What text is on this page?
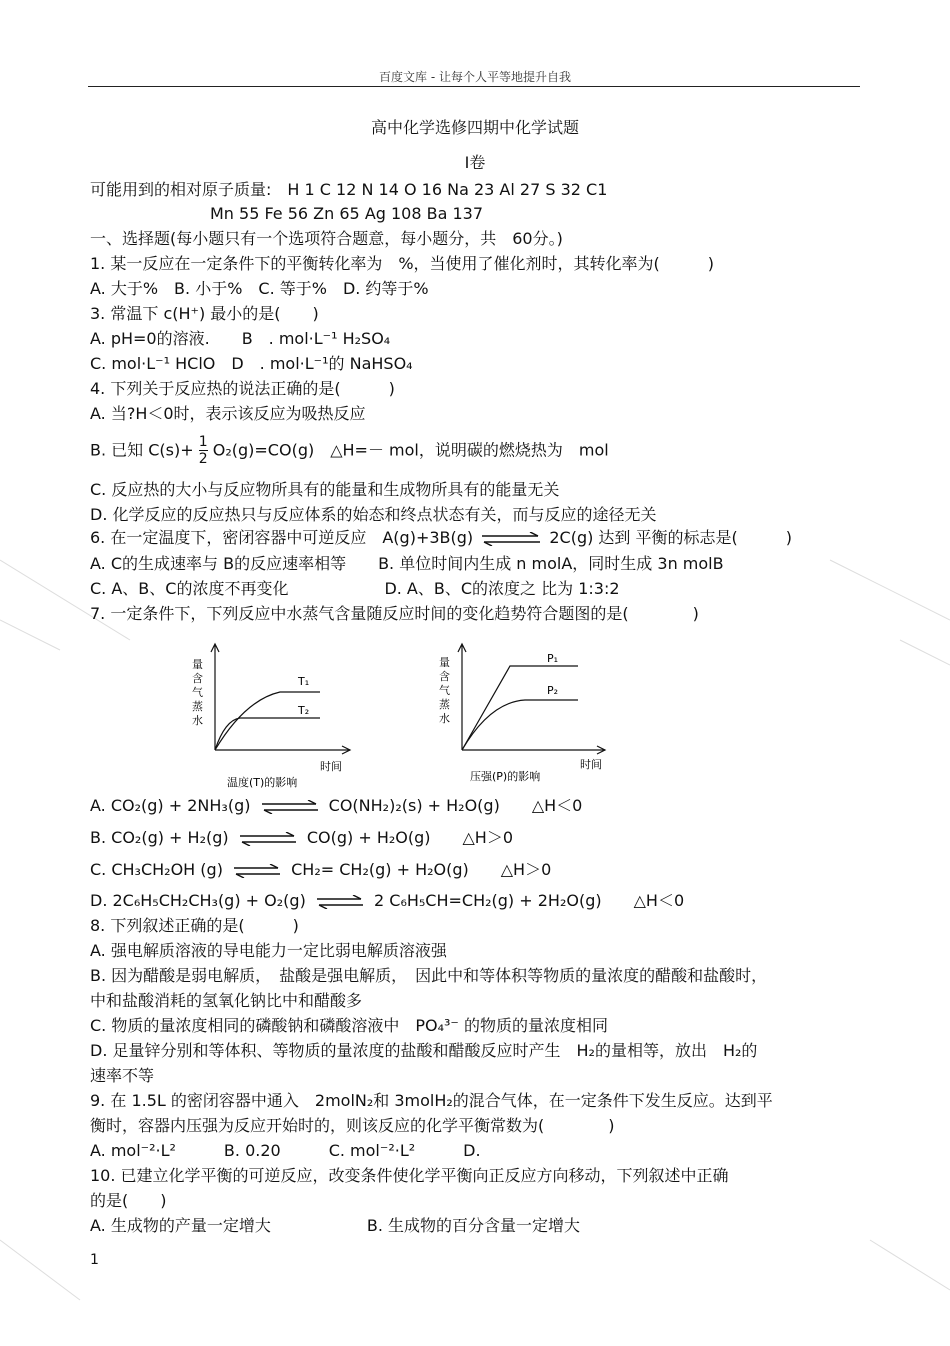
百度文库 - 让每个人平等地提升自我
高中化学选修四期中化学试题
I卷
可能用到的相对原子质量:　H 1 C 12 N 14 O 16 Na 23 Al 27 S 32 C1
Mn 55 Fe 56 Zn 65 Ag 108 Ba 137
一、选择题(每小题只有一个选项符合题意，每小题分，共　60分。)
1. 某一反应在一定条件下的平衡转化率为　%，当使用了催化剂时，其转化率为(　　　)
A. 大于%　B. 小于%　C. 等于%　D. 约等于%
3. 常温下 c(H⁺) 最小的是(　　)
A. pH=0的溶液.　　B　. mol·L⁻¹ H₂SO₄
C. mol·L⁻¹ HClO　D　. mol·L⁻¹的 NaHSO₄
4. 下列关于反应热的说法正确的是(　　　)
A. 当?H＜0时，表示该反应为吸热反应
B. 已知 $C(s)+ \frac{1}{2} O_2(g)=CO(g)$　△H=－ mol，说明碳的燃烧热为　mol
C. 反应热的大小与反应物所具有的能量和生成物所具有的能量无关
D. 化学反应的反应热只与反应体系的始态和终点状态有关，而与反应的途径无关
6. 在一定温度下，密闭容器中可逆反应　A(g)+3B(g) ⇌ 2C(g) 达到 平衡的标志是(　　　)
A. C的生成速率与 B的反应速率相等　　B. 单位时间内生成 n molA，同时生成 3n molB
C. A、B、C的浓度不再变化　　　　　　D. A、B、C的浓度之 比为 1:3:2
7. 一定条件下，下列反应中水蒸气含量随反应时间的变化趋势符合题图的是(　　　　)
量
含
气
蒸
水
T₁
T₂
时间
温度(T)的影响
量
含
气
蒸
水
P₁
P₂
时间
压强(P)的影响
A. CO₂(g) + 2NH₃(g) ⇌ CO(NH₂)₂(s) + H₂O(g)　　△H＜0
B. CO₂(g) + H₂(g) ⇌ CO(g) + H₂O(g)　　△H＞0
C. CH₃CH₂OH (g) ⇌ CH₂= CH₂(g) + H₂O(g)　　△H＞0
D. 2C₆H₅CH₂CH₃(g) + O₂(g) ⇌ 2 C₆H₅CH=CH₂(g) + 2H₂O(g)　　△H＜0
8. 下列叙述正确的是(　　　)
A. 强电解质溶液的导电能力一定比弱电解质溶液强
B. 因为醋酸是弱电解质，　盐酸是强电解质，　因此中和等体积等物质的量浓度的醋酸和盐酸时，
中和盐酸消耗的氢氧化钠比中和醋酸多
C. 物质的量浓度相同的磷酸钠和磷酸溶液中　PO₄³⁻ 的物质的量浓度相同
D. 足量锌分别和等体积、等物质的量浓度的盐酸和醋酸反应时产生　H₂的量相等，放出　H₂的
速率不等
9. 在 1.5L 的密闭容器中通入　2molN₂和 3molH₂的混合气体，在一定条件下发生反应。达到平
衡时，容器内压强为反应开始时的，则该反应的化学平衡常数为(　　　　)
A. mol⁻²·L²　　　B. 0.20　　　C. mol⁻²·L²　　　D.
10. 已建立化学平衡的可逆反应，改变条件使化学平衡向正反应方向移动，下列叙述中正确
的是(　　)
A. 生成物的产量一定增大　　　　　　B. 生成物的百分含量一定增大
1
